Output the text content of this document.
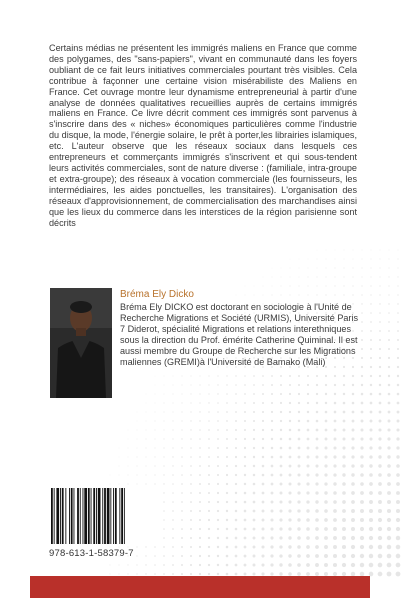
Certains médias ne présentent les immigrés maliens en France que comme des polygames, des "sans-papiers", vivant en communauté dans les foyers oubliant de ce fait leurs initiatives commerciales pourtant très visibles. Cela contribue à façonner une certaine vision misérabiliste des Maliens en France. Cet ouvrage montre leur dynamisme entrepreneurial à partir d'une analyse de données qualitatives recueillies auprès de certains immigrés maliens en France. Ce livre décrit comment ces immigrés sont parvenus à s'inscrire dans des « niches» économiques particulières comme l'industrie du disque, la mode, l'énergie solaire, le prêt à porter,les librairies islamiques, etc. L'auteur observe que les réseaux sociaux dans lesquels ces entrepreneurs et commerçants immigrés s'inscrivent et qui sous-tendent leurs activités commerciales, sont de nature diverse : (familiale, intra-groupe et extra-groupe); des réseaux à vocation commerciale (les fournisseurs, les intermédiaires, les aides ponctuelles, les transitaires). L'organisation des réseaux d'approvisionnement, de commercialisation des marchandises ainsi que les lieux du commerce dans les interstices de la région parisienne sont décrits

Bréma Ely Dicko

Bréma Ely DICKO est doctorant en sociologie à l'Unité de Recherche Migrations et Société (URMIS), Université Paris 7 Diderot, spécialité Migrations et relations interethniques sous la direction du Prof. émérite Catherine Quiminal. Il est aussi membre du Groupe de Recherche sur les Migrations maliennes (GREMI)à l'Université de Bamako (Mali)

978-613-1-58379-7
